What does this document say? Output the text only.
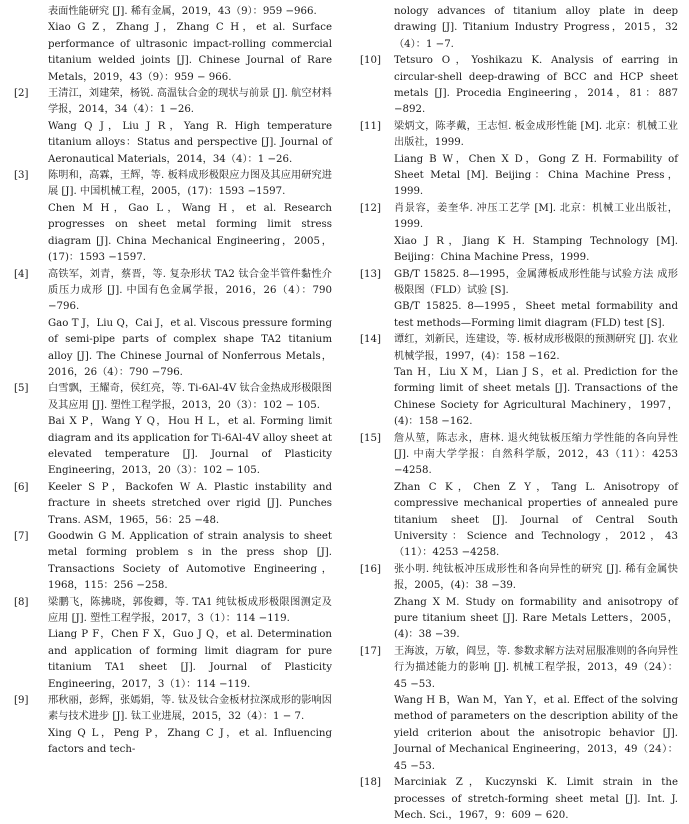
表面性能研究 [J]. 稀有金属，2019，43（9）：959 −966.

Xiao G Z，Zhang J，Zhang C H，et al. Surface performance of ultrasonic impact-rolling commercial titanium welded joints [J]. Chinese Journal of Rare Metals，2019，43（9）：959 − 966.

[2]	王清江，刘建荣，杨锐. 高温钛合金的现状与前景 [J]. 航空材料学报，2014，34（4）：1 −26.

Wang Q J，Liu J R，Yang R. High temperature titanium alloys：Status and perspective [J]. Journal of Aeronautical Materials，2014，34（4）：1 −26.

[3]	陈明和，高霖，王辉，等. 板料成形极限应力图及其应用研究进展 [J]. 中国机械工程，2005，(17)：1593 −1597.

Chen M H，Gao L，Wang H，et al. Research progresses on sheet metal forming limit stress diagram [J]. China Mechanical Engineering，2005，(17)：1593 −1597.

[4]	高铁军，刘青，蔡晋，等. 复杂形状 TA2 钛合金半管件黏性介质压力成形 [J]. 中国有色金属学报，2016，26（4）：790 −796.

Gao T J，Liu Q，Cai J，et al. Viscous pressure forming of semi-pipe parts of complex shape TA2 titanium alloy [J]. The Chinese Journal of Nonferrous Metals，2016，26（4）：790 −796.

[5]	白雪飘，王耀奇，侯红亮，等. Ti-6Al-4V 钛合金热成形极限图及其应用 [J]. 塑性工程学报，2013，20（3）：102 − 105.

Bai X P，Wang Y Q，Hou H L，et al. Forming limit diagram and its application for Ti-6Al-4V alloy sheet at elevated temperature [J]. Journal of Plasticity Engineering，2013，20（3）：102 − 105.

[6]	Keeler S P，Backofen W A. Plastic instability and fracture in sheets stretched over rigid [J]. Punches Trans. ASM，1965，56：25 −48.

[7]	Goodwin G M. Application of strain analysis to sheet metal forming problem s in the press shop [J]. Transactions Society of Automotive Engineering，1968，115：256 −258.

[8]	梁鹏飞，陈拂晓，郭俊卿，等. TA1 纯钛板成形极限图测定及应用 [J]. 塑性工程学报，2017，3（1）：114 −119.

Liang P F，Chen F X，Guo J Q，et al. Determination and application of forming limit diagram for pure titanium TA1 sheet [J]. Journal of Plasticity Engineering，2017，3（1）：114 −119.

[9]	邢秋丽，彭辉，张嫣娟，等. 钛及钛合金板材拉深成形的影响因素与技术进步 [J]. 钛工业进展，2015，32（4）：1 − 7.

Xing Q L，Peng P，Zhang C J，et al. Influencing factors and tech-

nology advances of titanium alloy plate in deep drawing [J]. Titanium Industry Progress，2015，32（4）：1 −7.

[10]	Tetsuro O，Yoshikazu K. Analysis of earring in circular-shell deep-drawing of BCC and HCP sheet metals [J]. Procedia Engineering，2014，81：887 −892.

[11]	梁炳文，陈孝戴，王志恒. 板金成形性能 [M]. 北京：机械工业出版社，1999.

Liang B W，Chen X D，Gong Z H. Formability of Sheet Metal [M]. Beijing：China Machine Press，1999.

[12]	肖景容，姜奎华. 冲压工艺学 [M]. 北京：机械工业出版社，1999.

Xiao J R，Jiang K H. Stamping Technology [M]. Beijing：China Machine Press，1999.

[13]	GB/T 15825. 8—1995，金属薄板成形性能与试验方法 成形极限图（FLD）试验 [S].

GB/T 15825. 8—1995，Sheet metal formability and test methods—Forming limit diagram (FLD) test [S].

[14]	谭红，刘新民，连建设，等. 板材成形极限的预测研究 [J]. 农业机械学报，1997，(4)：158 −162.

Tan H，Liu X M，Lian J S，et al. Prediction for the forming limit of sheet metals [J]. Transactions of the Chinese Society for Agricultural Machinery，1997，(4)：158 −162.

[15]	詹从堃，陈志永，唐林. 退火纯钛板压缩力学性能的各向异性 [J]. 中南大学学报：自然科学版，2012，43（11）：4253 −4258.

Zhan C K，Chen Z Y，Tang L. Anisotropy of compressive mechanical properties of annealed pure titanium sheet [J]. Journal of Central South University：Science and Technology，2012，43（11）：4253 −4258.

[16]	张小明. 纯钛板冲压成形性和各向异性的研究 [J]. 稀有金属快报，2005，(4)：38 −39.

Zhang X M. Study on formability and anisotropy of pure titanium sheet [J]. Rare Metals Letters，2005，(4)：38 −39.

[17]	王海波，万敏，阎昱，等. 参数求解方法对屈服准则的各向异性行为描述能力的影响 [J]. 机械工程学报，2013，49（24）：45 −53.

Wang H B，Wan M，Yan Y，et al. Effect of the solving method of parameters on the description ability of the yield criterion about the anisotropic behavior [J]. Journal of Mechanical Engineering，2013，49（24）：45 −53.

[18]	Marciniak Z，Kuczynski K. Limit strain in the processes of stretch-forming sheet metal [J]. Int. J. Mech. Sci.，1967，9：609 − 620.
